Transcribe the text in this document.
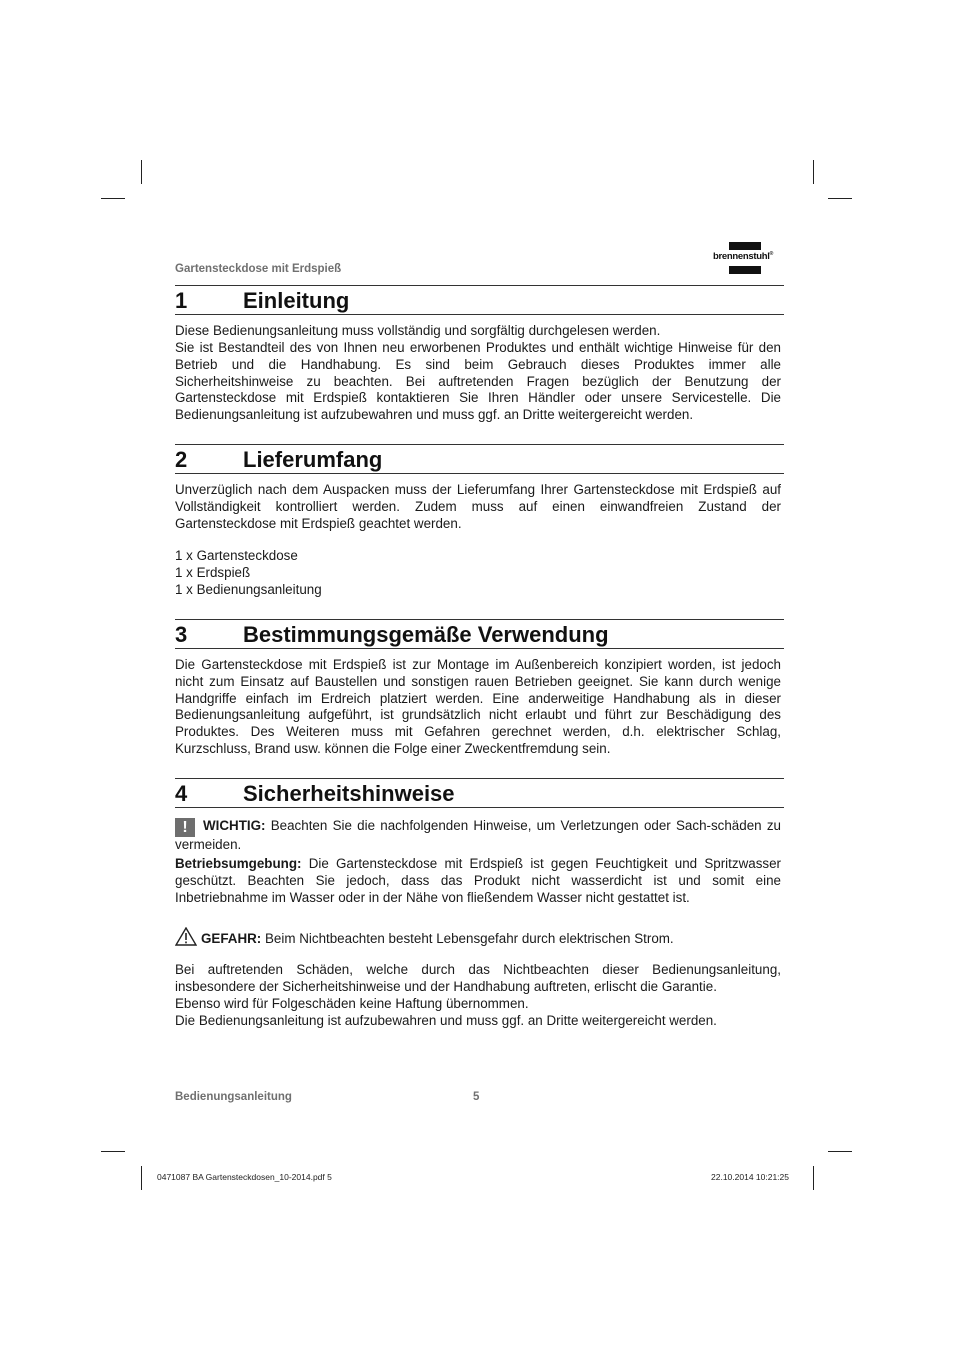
Gartensteckdose mit Erdspieß
brennenstuhl®
1	Einleitung
Diese Bedienungsanleitung muss vollständig und sorgfältig durchgelesen werden.
Sie ist Bestandteil des von Ihnen neu erworbenen Produktes und enthält wichtige Hinweise für den Betrieb und die Handhabung. Es sind beim Gebrauch dieses Produktes immer alle Sicherheitshinweise zu beachten. Bei auftretenden Fragen bezüglich der Benutzung der Gartensteckdose mit Erdspieß kontaktieren Sie Ihren Händler oder unsere Servicestelle. Die Bedienungsanleitung ist aufzubewahren und muss ggf. an Dritte weitergereicht werden.
2	Lieferumfang
Unverzüglich nach dem Auspacken muss der Lieferumfang Ihrer Gartensteckdose mit Erdspieß auf Vollständigkeit kontrolliert werden. Zudem muss auf einen einwandfreien Zustand der Gartensteckdose mit Erdspieß geachtet werden.
1 x Gartensteckdose
1 x Erdspieß
1 x Bedienungsanleitung
3	Bestimmungsgemäße Verwendung
Die Gartensteckdose mit Erdspieß ist zur Montage im Außenbereich konzipiert worden, ist jedoch nicht zum Einsatz auf Baustellen und sonstigen rauen Betrieben geeignet. Sie kann durch wenige Handgriffe einfach im Erdreich platziert werden. Eine anderweitige Handhabung als in dieser Bedienungsanleitung aufgeführt, ist grundsätzlich nicht erlaubt und führt zur Beschädigung des Produktes. Des Weiteren muss mit Gefahren gerechnet werden, d.h. elektrischer Schlag, Kurzschluss, Brand usw. können die Folge einer Zweckentfremdung sein.
4	Sicherheitshinweise
! WICHTIG: Beachten Sie die nachfolgenden Hinweise, um Verletzungen oder Sach-schäden zu vermeiden.
Betriebsumgebung: Die Gartensteckdose mit Erdspieß ist gegen Feuchtigkeit und Spritzwasser geschützt. Beachten Sie jedoch, dass das Produkt nicht wasserdicht ist und somit eine Inbetriebnahme im Wasser oder in der Nähe von fließendem Wasser nicht gestattet ist.
GEFAHR: Beim Nichtbeachten besteht Lebensgefahr durch elektrischen Strom.
Bei auftretenden Schäden, welche durch das Nichtbeachten dieser Bedienungsanleitung, insbesondere der Sicherheitshinweise und der Handhabung auftreten, erlischt die Garantie.
Ebenso wird für Folgeschäden keine Haftung übernommen.
Die Bedienungsanleitung ist aufzubewahren und muss ggf. an Dritte weitergereicht werden.
Bedienungsanleitung	5
0471087 BA Gartensteckdosen_10-2014.pdf 5	22.10.2014 10:21:25
